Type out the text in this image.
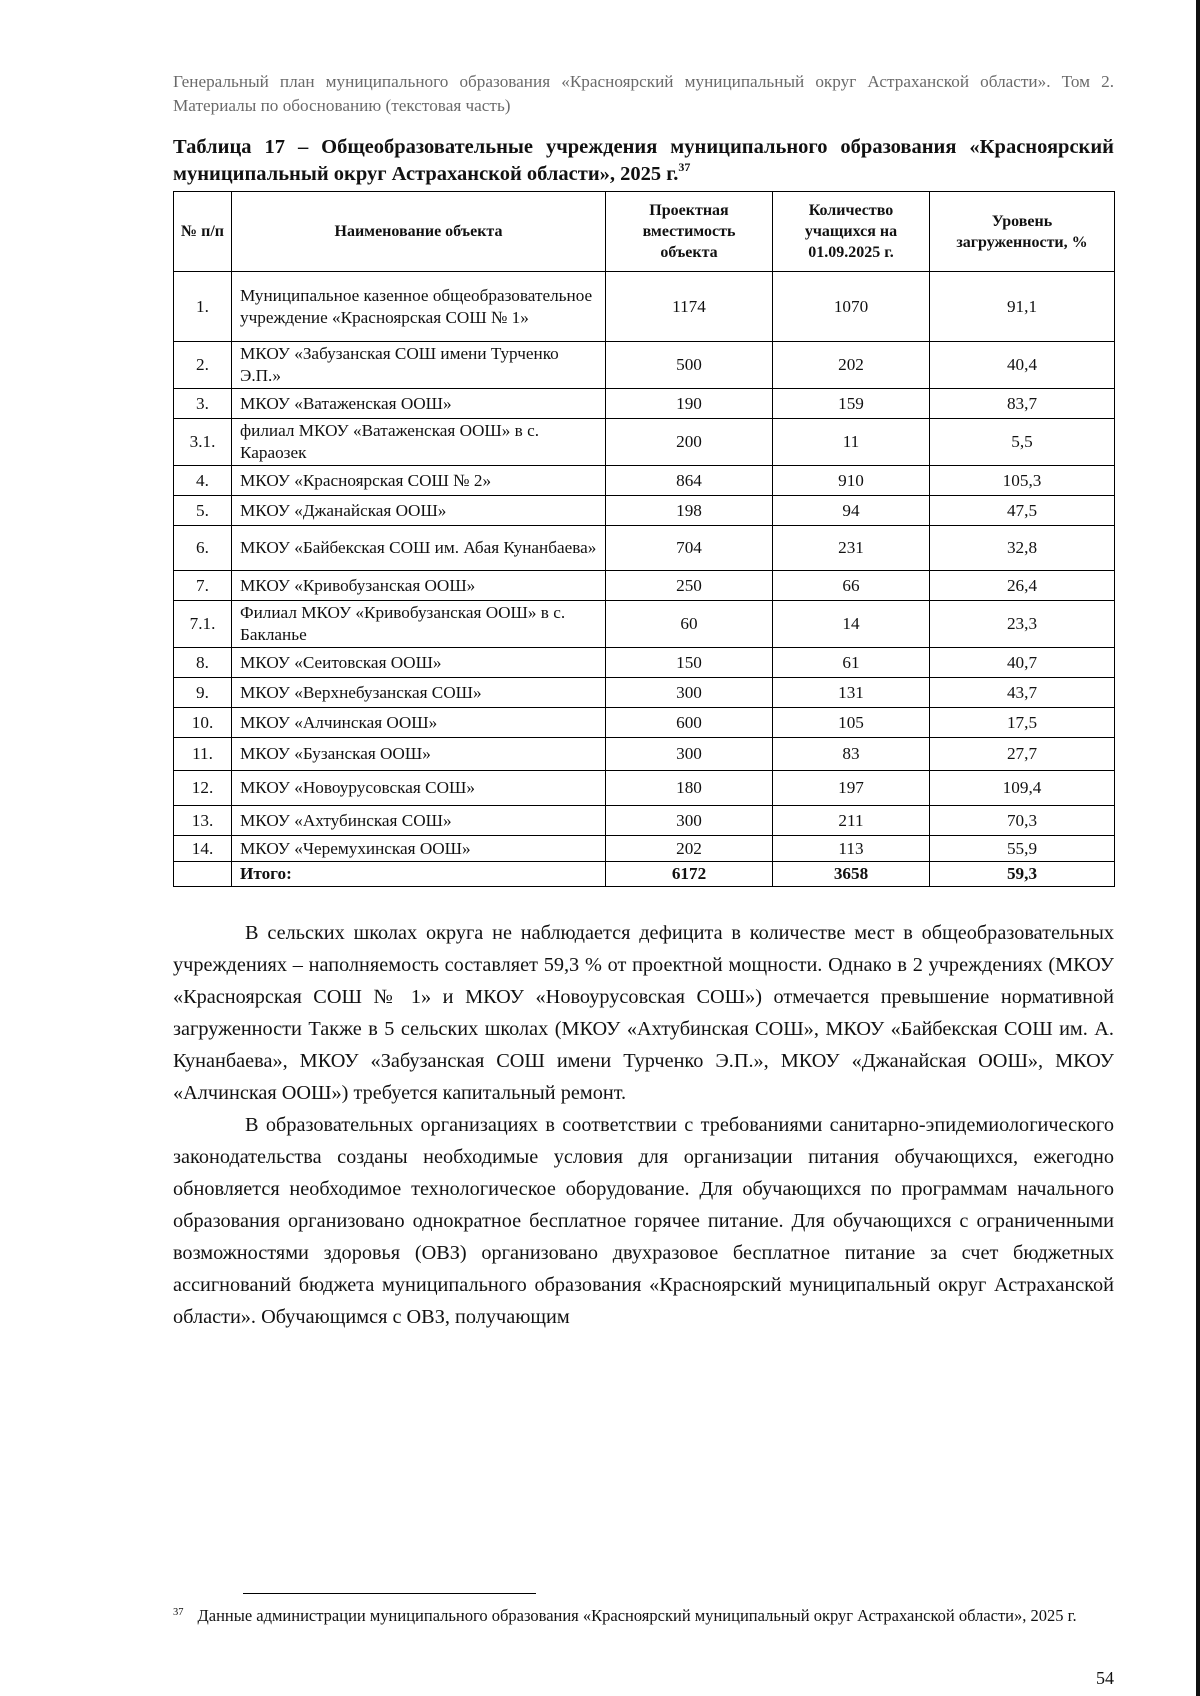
Генеральный план муниципального образования «Красноярский муниципальный округ Астраханской области». Том 2. Материалы по обоснованию (текстовая часть)
Таблица 17 – Общеобразовательные учреждения муниципального образования «Красноярский муниципальный округ Астраханской области», 2025 г.$^{37}$
№ п/п	Наименование объекта	Проектная вместимость объекта	Количество учащихся на 01.09.2025 г.	Уровень загруженности, %
1.	Муниципальное казенное общеобразовательное учреждение «Красноярская СОШ № 1»	1174	1070	91,1
2.	МКОУ «Забузанская СОШ имени Турченко Э.П.»	500	202	40,4
3.	МКОУ «Ватаженская ООШ»	190	159	83,7
3.1.	филиал МКОУ «Ватаженская ООШ» в с. Караозек	200	11	5,5
4.	МКОУ «Красноярская СОШ № 2»	864	910	105,3
5.	МКОУ «Джанайская ООШ»	198	94	47,5
6.	МКОУ «Байбекская СОШ им. Абая Кунанбаева»	704	231	32,8
7.	МКОУ «Кривобузанская ООШ»	250	66	26,4
7.1.	Филиал МКОУ «Кривобузанская ООШ» в с. Бакланье	60	14	23,3
8.	МКОУ «Сеитовская ООШ»	150	61	40,7
9.	МКОУ «Верхнебузанская СОШ»	300	131	43,7
10.	МКОУ «Алчинская ООШ»	600	105	17,5
11.	МКОУ «Бузанская ООШ»	300	83	27,7
12.	МКОУ «Новоурусовская СОШ»	180	197	109,4
13.	МКОУ «Ахтубинская СОШ»	300	211	70,3
14.	МКОУ «Черемухинская ООШ»	202	113	55,9
	Итого:	6172	3658	59,3

В сельских школах округа не наблюдается дефицита в количестве мест в общеобразовательных учреждениях – наполняемость составляет 59,3 % от проектной мощности. Однако в 2 учреждениях (МКОУ «Красноярская СОШ № 1» и МКОУ «Новоурусовская СОШ») отмечается превышение нормативной загруженности Также в 5 сельских школах (МКОУ «Ахтубинская СОШ», МКОУ «Байбекская СОШ им. А. Кунанбаева», МКОУ «Забузанская СОШ имени Турченко Э.П.», МКОУ «Джанайская ООШ», МКОУ «Алчинская ООШ») требуется капитальный ремонт.

В образовательных организациях в соответствии с требованиями санитарно-эпидемиологического законодательства созданы необходимые условия для организации питания обучающихся, ежегодно обновляется необходимое технологическое оборудование. Для обучающихся по программам начального образования организовано однократное бесплатное горячее питание. Для обучающихся с ограниченными возможностями здоровья (ОВЗ) организовано двухразовое бесплатное питание за счет бюджетных ассигнований бюджета муниципального образования «Красноярский муниципальный округ Астраханской области». Обучающимся с ОВЗ, получающим

$^{37}$ Данные администрации муниципального образования «Красноярский муниципальный округ Астраханской области», 2025 г.
54
